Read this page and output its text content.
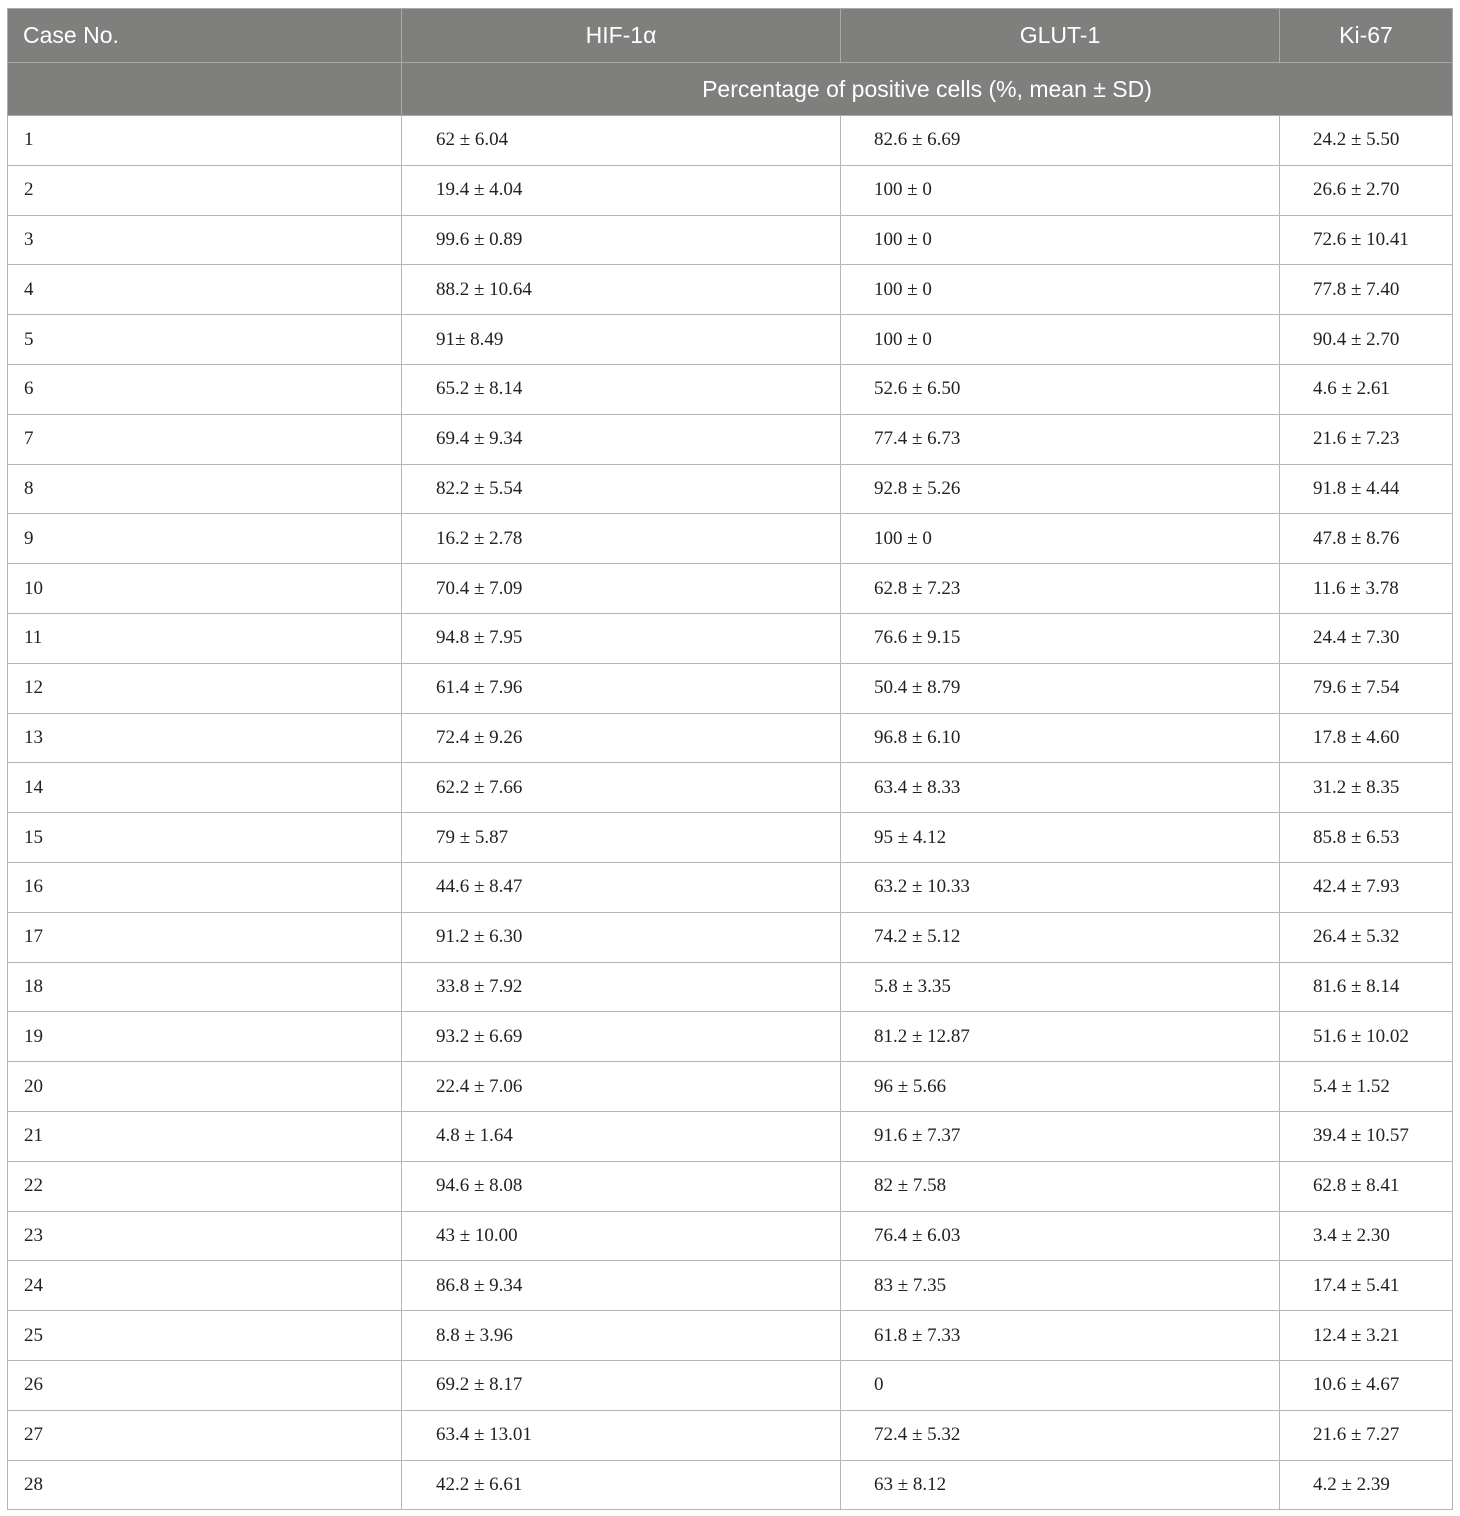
Case No.	HIF-1α	GLUT-1	Ki-67
	Percentage of positive cells (%, mean ± SD)		
1	62 ± 6.04	82.6 ± 6.69	24.2 ± 5.50
2	19.4 ± 4.04	100 ± 0	26.6 ± 2.70
3	99.6 ± 0.89	100 ± 0	72.6 ± 10.41
4	88.2 ± 10.64	100 ± 0	77.8 ± 7.40
5	91± 8.49	100 ± 0	90.4 ± 2.70
6	65.2 ± 8.14	52.6 ± 6.50	4.6 ± 2.61
7	69.4 ± 9.34	77.4 ± 6.73	21.6 ± 7.23
8	82.2 ± 5.54	92.8 ± 5.26	91.8 ± 4.44
9	16.2 ± 2.78	100 ± 0	47.8 ± 8.76
10	70.4 ± 7.09	62.8 ± 7.23	11.6 ± 3.78
11	94.8 ± 7.95	76.6 ± 9.15	24.4 ± 7.30
12	61.4 ± 7.96	50.4 ± 8.79	79.6 ± 7.54
13	72.4 ± 9.26	96.8 ± 6.10	17.8 ± 4.60
14	62.2 ± 7.66	63.4 ± 8.33	31.2 ± 8.35
15	79 ± 5.87	95 ± 4.12	85.8 ± 6.53
16	44.6 ± 8.47	63.2 ± 10.33	42.4 ± 7.93
17	91.2 ± 6.30	74.2 ± 5.12	26.4 ± 5.32
18	33.8 ± 7.92	5.8 ± 3.35	81.6 ± 8.14
19	93.2 ± 6.69	81.2 ± 12.87	51.6 ± 10.02
20	22.4 ± 7.06	96 ± 5.66	5.4 ± 1.52
21	4.8 ± 1.64	91.6 ± 7.37	39.4 ± 10.57
22	94.6 ± 8.08	82 ± 7.58	62.8 ± 8.41
23	43 ± 10.00	76.4 ± 6.03	3.4 ± 2.30
24	86.8 ± 9.34	83 ± 7.35	17.4 ± 5.41
25	8.8 ± 3.96	61.8 ± 7.33	12.4 ± 3.21
26	69.2 ± 8.17	0	10.6 ± 4.67
27	63.4 ± 13.01	72.4 ± 5.32	21.6 ± 7.27
28	42.2 ± 6.61	63 ± 8.12	4.2 ± 2.39
